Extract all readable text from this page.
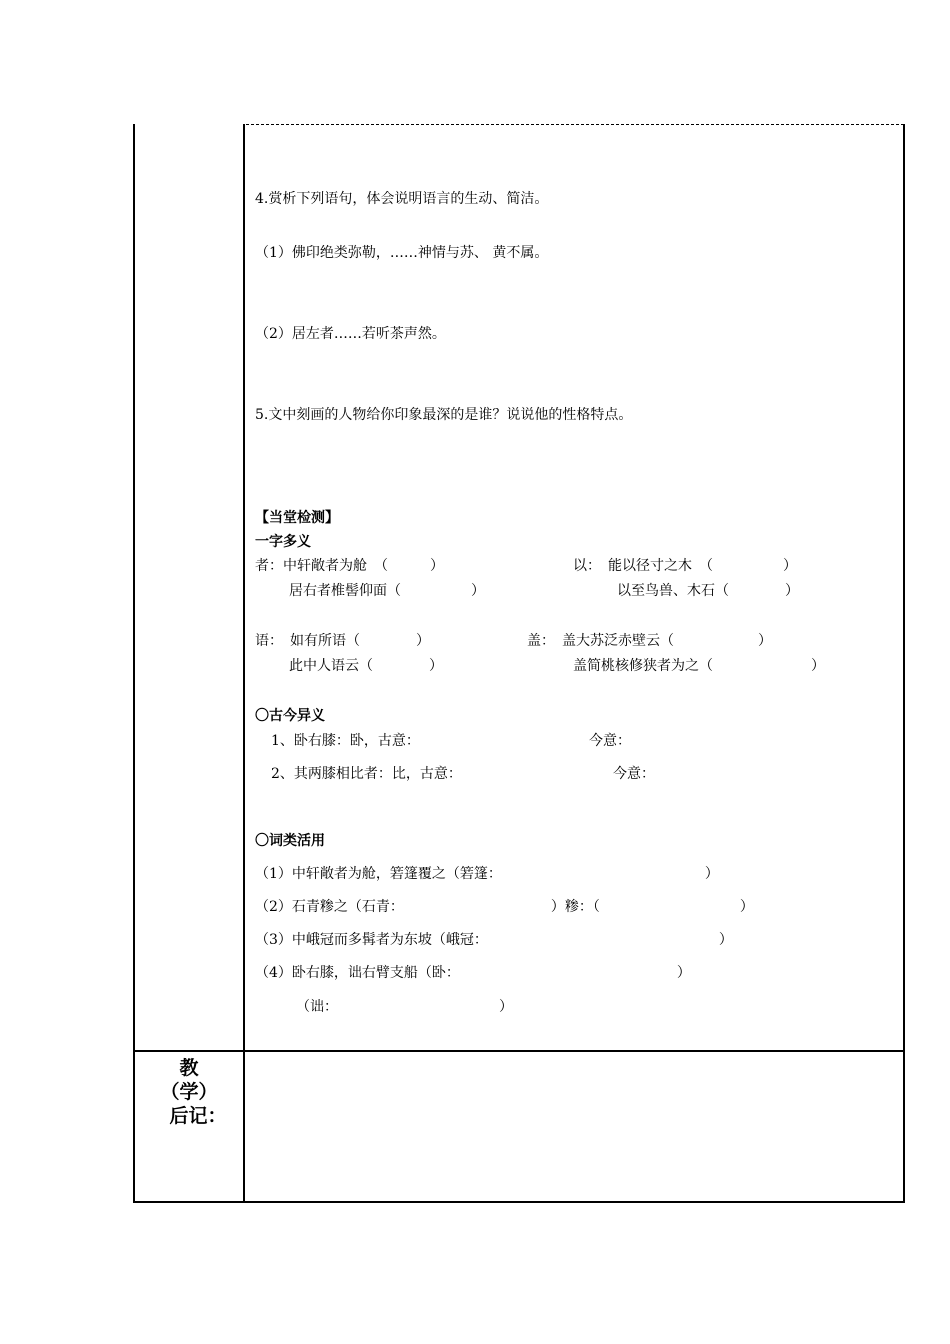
4.赏析下列语句，体会说明语言的生动、简洁。
（1）佛印绝类弥勒，……神情与苏、 黄不属。
（2）居左者……若听茶声然。
5.文中刻画的人物给你印象最深的是谁？说说他的性格特点。
【当堂检测】
一字多义
者：中轩敞者为舱　（　　　）
居右者椎髻仰面（　　　　　）
以：　能以径寸之木　（　　　　　）
以至鸟兽、木石（　　　　）
语：　如有所语（　　　　）
此中人语云（　　　　）
盖：　盖大苏泛赤壁云（　　　　　　）
盖简桃核修狭者为之（　　　　　　　）
〇古今异义
1、卧右膝：卧，古意：	今意：
2、其两膝相比者：比，古意：	今意：
〇词类活用
（1）中轩敞者为舱，箬篷覆之（箬篷：　　　　　　　　　　　　　　　）
（2）石青糁之（石青：　　　　　　　　　　　）糁：（　　　　　　　　　　）
（3）中峨冠而多髯者为东坡（峨冠：　　　　　　　　　　　　　　　　　）
（4）卧右膝，诎右臂支船（卧：　　　　　　　　　　　　　　　　）
（诎：　　　　　　　　　　　　）
教
（学）
后记：
